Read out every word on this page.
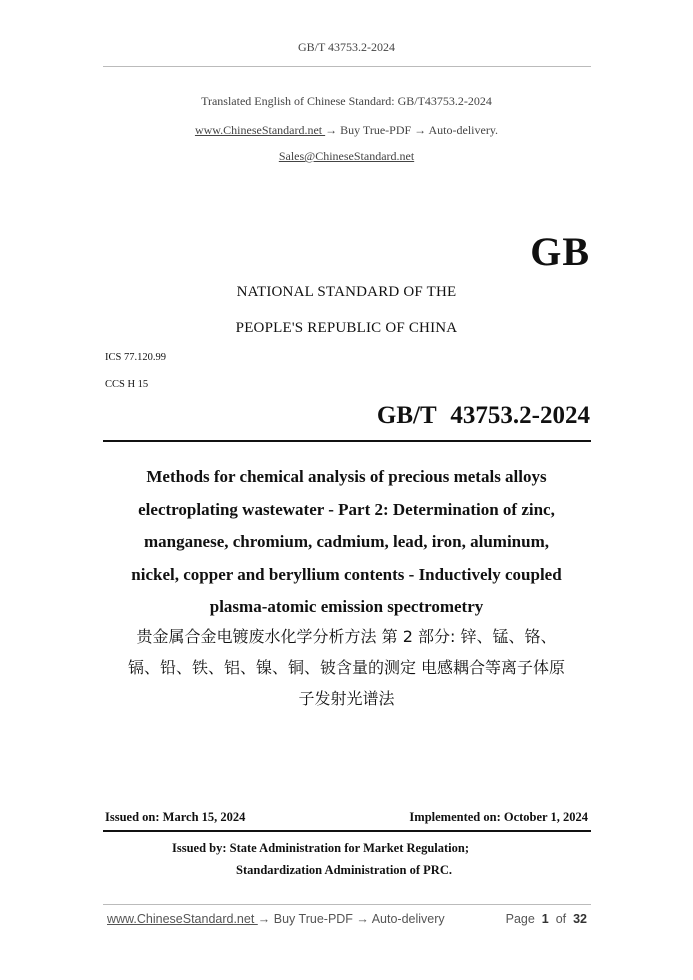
GB/T 43753.2-2024
Translated English of Chinese Standard: GB/T43753.2-2024
www.ChineseStandard.net → Buy True-PDF → Auto-delivery.
Sales@ChineseStandard.net
GB
NATIONAL STANDARD OF THE
PEOPLE'S REPUBLIC OF CHINA
ICS 77.120.99
CCS H 15
GB/T 43753.2-2024
Methods for chemical analysis of precious metals alloys
electroplating wastewater - Part 2: Determination of zinc,
manganese, chromium, cadmium, lead, iron, aluminum,
nickel, copper and beryllium contents - Inductively coupled
plasma-atomic emission spectrometry
贵金属合金电镀废水化学分析方法 第 2 部分: 锌、锰、铬、
镉、铅、铁、铝、镍、铜、铍含量的测定 电感耦合等离子体原
子发射光谱法
Issued on: March 15, 2024	Implemented on: October 1, 2024
Issued by: State Administration for Market Regulation;
Standardization Administration of PRC.
www.ChineseStandard.net → Buy True-PDF → Auto-delivery	Page 1 of 32
